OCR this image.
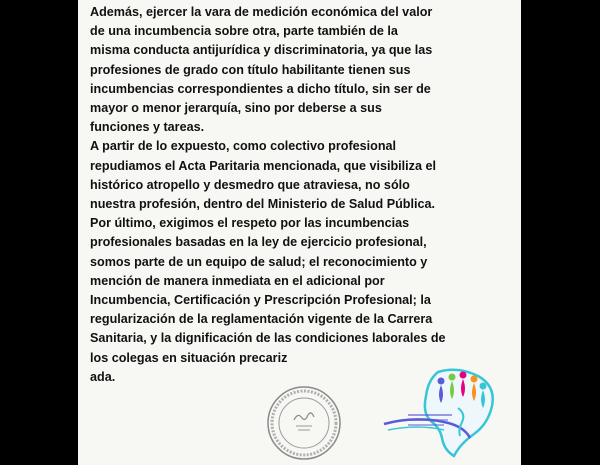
Además, ejercer la vara de medición económica del valor
de una incumbencia sobre otra, parte también de la
misma conducta antijurídica y discriminatoria, ya que las
profesiones de grado con título habilitante tienen sus
incumbencias correspondientes a dicho título, sin ser de
mayor o menor jerarquía, sino por deberse a sus
funciones y tareas.

A partir de lo expuesto, como colectivo profesional
repudiamos el Acta Paritaria mencionada, que visibiliza el
histórico atropello y desmedro que atraviesa, no sólo
nuestra profesión, dentro del Ministerio de Salud Pública.

Por último, exigimos el respeto por las incumbencias
profesionales basadas en la ley de ejercicio profesional,
somos parte de un equipo de salud; el reconocimiento y
mención de manera inmediata en el adicional por
Incumbencia, Certificación y Prescripción Profesional; la
regularización de la reglamentación vigente de la Carrera
Sanitaria, y la dignificación de las condiciones laborales de
los colegas en situación precariz
ada.
